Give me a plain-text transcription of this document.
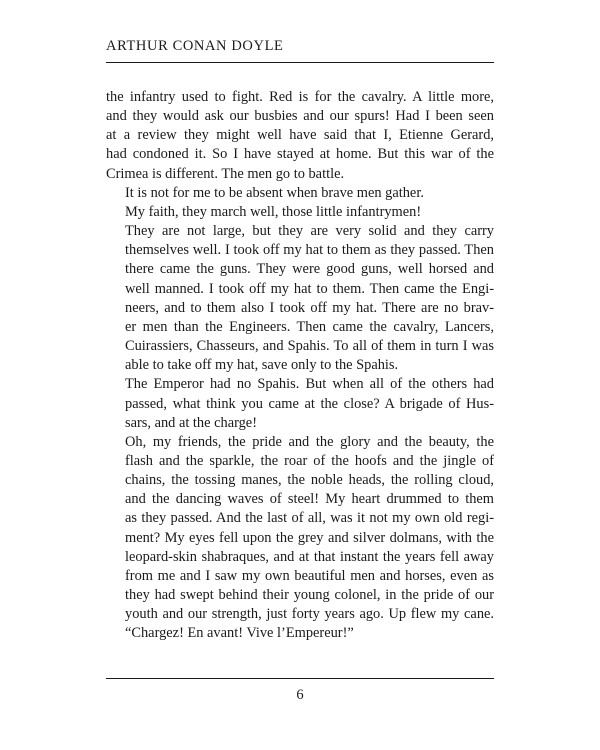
ARTHUR CONAN DOYLE

the infantry used to fight. Red is for the cavalry. A little more,
and they would ask our busbies and our spurs! Had I been seen
at a review they might well have said that I, Etienne Gerard,
had condoned it. So I have stayed at home. But this war of the
Crimea is different. The men go to battle.

It is not for me to be absent when brave men gather.

My faith, they march well, those little infantrymen!

They are not large, but they are very solid and they carry
themselves well. I took off my hat to them as they passed. Then
there came the guns. They were good guns, well horsed and
well manned. I took off my hat to them. Then came the Engi-
neers, and to them also I took off my hat. There are no brav-
er men than the Engineers. Then came the cavalry, Lancers,
Cuirassiers, Chasseurs, and Spahis. To all of them in turn I was
able to take off my hat, save only to the Spahis.

The Emperor had no Spahis. But when all of the others had
passed, what think you came at the close? A brigade of Hus-
sars, and at the charge!

Oh, my friends, the pride and the glory and the beauty, the
flash and the sparkle, the roar of the hoofs and the jingle of
chains, the tossing manes, the noble heads, the rolling cloud,
and the dancing waves of steel! My heart drummed to them
as they passed. And the last of all, was it not my own old regi-
ment? My eyes fell upon the grey and silver dolmans, with the
leopard-skin shabraques, and at that instant the years fell away
from me and I saw my own beautiful men and horses, even as
they had swept behind their young colonel, in the pride of our
youth and our strength, just forty years ago. Up flew my cane.
“Chargez! En avant! Vive l’Empereur!”

6
